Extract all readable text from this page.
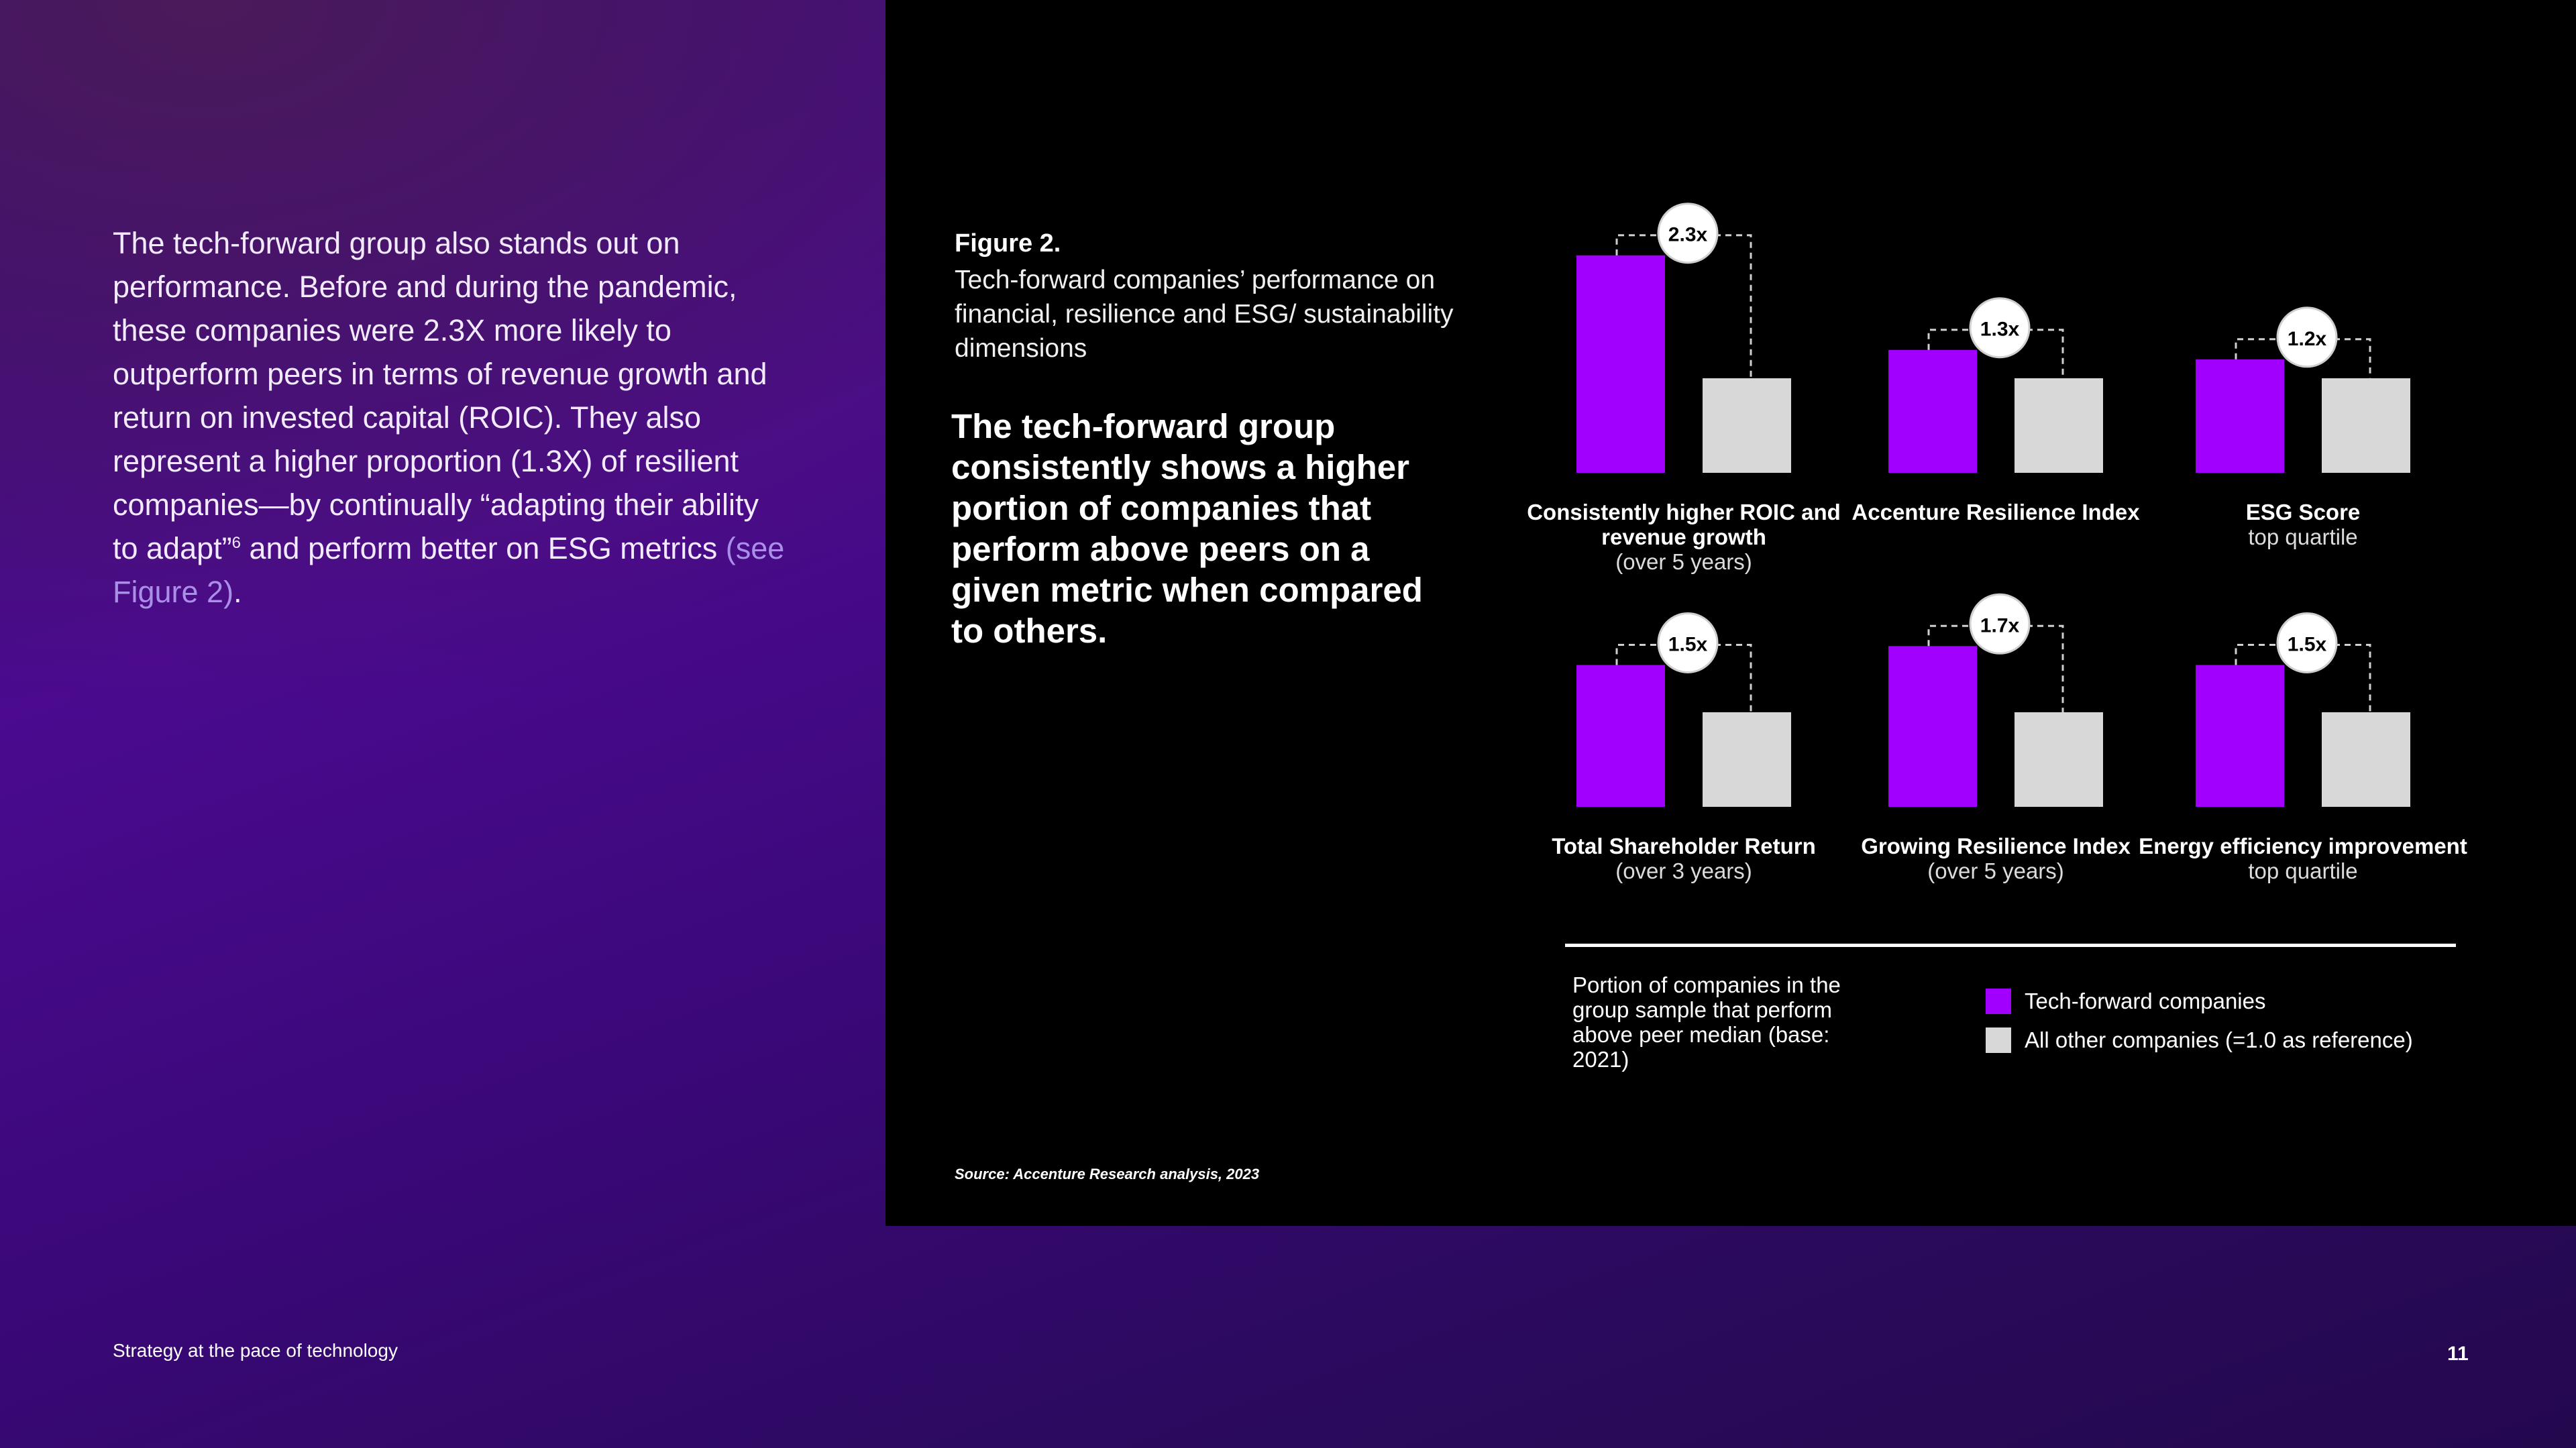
The tech-forward group also stands out on performance. Before and during the pandemic, these companies were 2.3X more likely to outperform peers in terms of revenue growth and return on invested capital (ROIC). They also represent a higher proportion (1.3X) of resilient companies—by continually “adapting their ability to adapt”$^6$ and perform better on ESG metrics (see Figure 2).
Strategy at the pace of technology	11
Figure 2.
Tech-forward companies’ performance on financial, resilience and ESG/ sustainability dimensions
The tech-forward group consistently shows a higher portion of companies that perform above peers on a given metric when compared to others.
Source: Accenture Research analysis, 2023
2.3x
1.3x	1.2x
1.5x
1.7x
1.5x
Consistently higher ROIC and revenue growth
(over 5 years)
Accenture Resilience Index	ESG Score
top quartile
Total Shareholder Return
(over 3 years)
Growing Resilience Index
(over 5 years)
Energy efficiency improvement
top quartile
Portion of companies in the group sample that perform above peer median (base: 2021)
Tech-forward companies
All other companies (=1.0 as reference)
